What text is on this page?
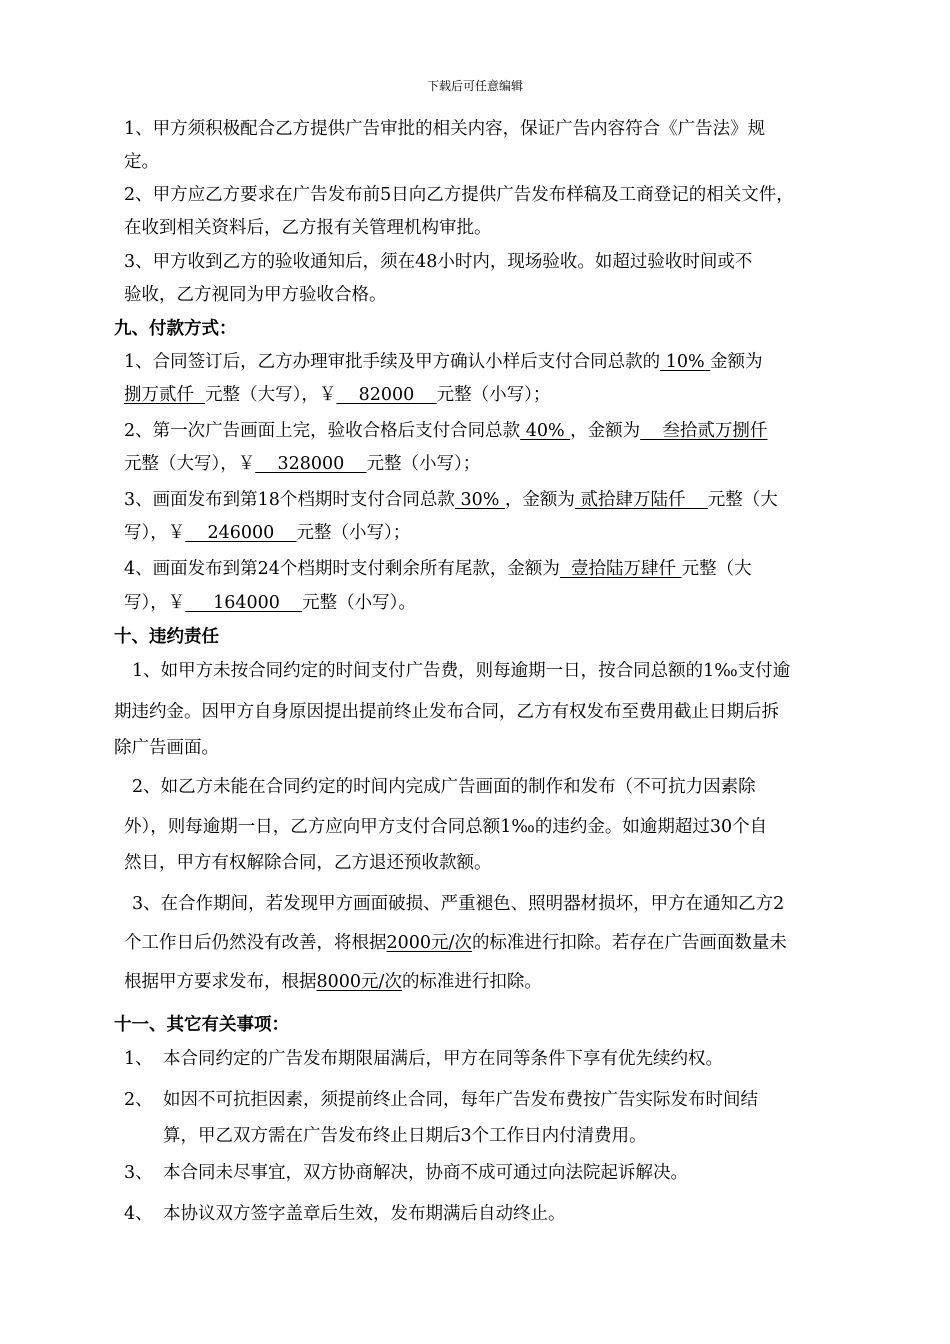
下载后可任意编辑
1、甲方须积极配合乙方提供广告审批的相关内容，保证广告内容符合《广告法》规
定。
2、甲方应乙方要求在广告发布前5日向乙方提供广告发布样稿及工商登记的相关文件，
在收到相关资料后，乙方报有关管理机构审批。
3、甲方收到乙方的验收通知后，须在48小时内，现场验收。如超过验收时间或不
验收，乙方视同为甲方验收合格。
九、付款方式：
1、合同签订后，乙方办理审批手续及甲方确认小样后支付合同总款的 10% 金额为
捌万贰仟  元整（大写），￥    82000    元整（小写）；
2、第一次广告画面上完，验收合格后支付合同总款 40% ，金额为    叁拾贰万捌仟
元整（大写），￥    328000    元整（小写）；
3、画面发布到第18个档期时支付合同总款 30% ，金额为 贰拾肆万陆仟    元整（大
写），￥    246000    元整（小写）；
4、画面发布到第24个档期时支付剩余所有尾款，金额为  壹拾陆万肆仟 元整（大
写），￥     164000    元整（小写）。
十、违约责任
1、如甲方未按合同约定的时间支付广告费，则每逾期一日，按合同总额的1‰支付逾
期违约金。因甲方自身原因提出提前终止发布合同，乙方有权发布至费用截止日期后拆
除广告画面。
2、如乙方未能在合同约定的时间内完成广告画面的制作和发布（不可抗力因素除
外），则每逾期一日，乙方应向甲方支付合同总额1‰的违约金。如逾期超过30个自
然日，甲方有权解除合同，乙方退还预收款额。
3、在合作期间，若发现甲方画面破损、严重褪色、照明器材损坏，甲方在通知乙方2
个工作日后仍然没有改善，将根据2000元/次的标准进行扣除。若存在广告画面数量未
根据甲方要求发布，根据8000元/次的标准进行扣除。
十一、其它有关事项：
1、 本合同约定的广告发布期限届满后，甲方在同等条件下享有优先续约权。
2、 如因不可抗拒因素，须提前终止合同，每年广告发布费按广告实际发布时间结
算，甲乙双方需在广告发布终止日期后3个工作日内付清费用。
3、 本合同未尽事宜，双方协商解决，协商不成可通过向法院起诉解决。
4、 本协议双方签字盖章后生效，发布期满后自动终止。
